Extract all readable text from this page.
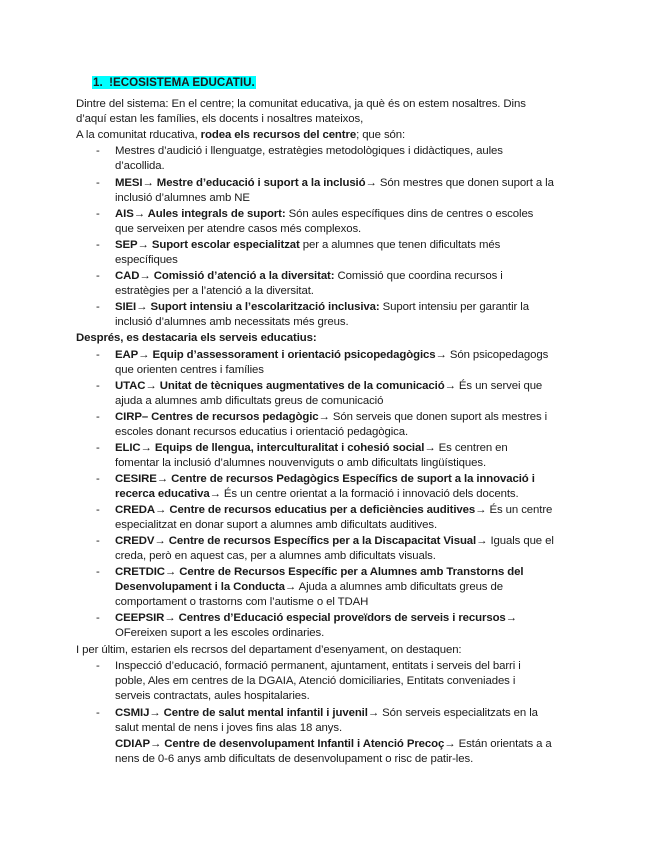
1. !ECOSISTEMA EDUCATIU.
Dintre del sistema: En el centre; la comunitat educativa, ja què és on estem nosaltres. Dins
d’aquí estan les famílies, els docents i nosaltres mateixos,
A la comunitat rducativa, rodea els recursos del centre; que són:
- Mestres d’audició i llenguatge, estratègies metodològiques i didàctiques, aules
d’acollida.
- MESI→ Mestre d’educació i suport a la inclusió→ Són mestres que donen suport a la
inclusió d’alumnes amb NE
- AIS→ Aules integrals de suport: Són aules específiques dins de centres o escoles
que serveixen per atendre casos més complexos.
- SEP→ Suport escolar especialitzat per a alumnes que tenen dificultats més
específiques
- CAD→ Comissió d’atenció a la diversitat: Comissió que coordina recursos i
estratègies per a l’atenció a la diversitat.
- SIEI→ Suport intensiu a l’escolarització inclusiva: Suport intensiu per garantir la
inclusió d’alumnes amb necessitats més greus.
Després, es destacaria els serveis educatius:
- EAP→ Equip d’assessorament i orientació psicopedagògics→ Són psicopedagogs
que orienten centres i famílies
- UTAC→ Unitat de tècniques augmentatives de la comunicació→ És un servei que
ajuda a alumnes amb dificultats greus de comunicació
- CIRP– Centres de recursos pedagògic→ Són serveis que donen suport als mestres i
escoles donant recursos educatius i orientació pedagògica.
- ELIC→ Equips de llengua, interculturalitat i cohesió social→ Es centren en
fomentar la inclusió d’alumnes nouvenviguts o amb dificultats lingüístiques.
- CESIRE→ Centre de recursos Pedagògics Específics de suport a la innovació i
recerca educativa→ És un centre orientat a la formació i innovació dels docents.
- CREDA→ Centre de recursos educatius per a deficiències auditives→ És un centre
especialitzat en donar suport a alumnes amb dificultats auditives.
- CREDV→ Centre de recursos Específics per a la Discapacitat Visual→ Iguals que el
creda, però en aquest cas, per a alumnes amb dificultats visuals.
- CRETDIC→ Centre de Recursos Específic per a Alumnes amb Transtorns del
Desenvolupament i la Conducta→ Ajuda a alumnes amb dificultats greus de
comportament o trastorns com l’autisme o el TDAH
- CEEPSIR→ Centres d’Educació especial proveïdors de serveis i recursos→
OFereixen suport a les escoles ordinaries.
I per últim, estarien els recrsos del departament d’esenyament, on destaquen:
- Inspecció d’educació, formació permanent, ajuntament, entitats i serveis del barri i
poble, Ales em centres de la DGAIA, Atenció domiciliaries, Entitats conveniades i
serveis contractats, aules hospitalaries.
- CSMIJ→ Centre de salut mental infantil i juvenil→ Són serveis especialitzats en la
salut mental de nens i joves fins alas 18 anys.
CDIAP→ Centre de desenvolupament Infantil i Atenció Precoç→ Están orientats a a
nens de 0-6 anys amb dificultats de desenvolupament o risc de patir-les.
